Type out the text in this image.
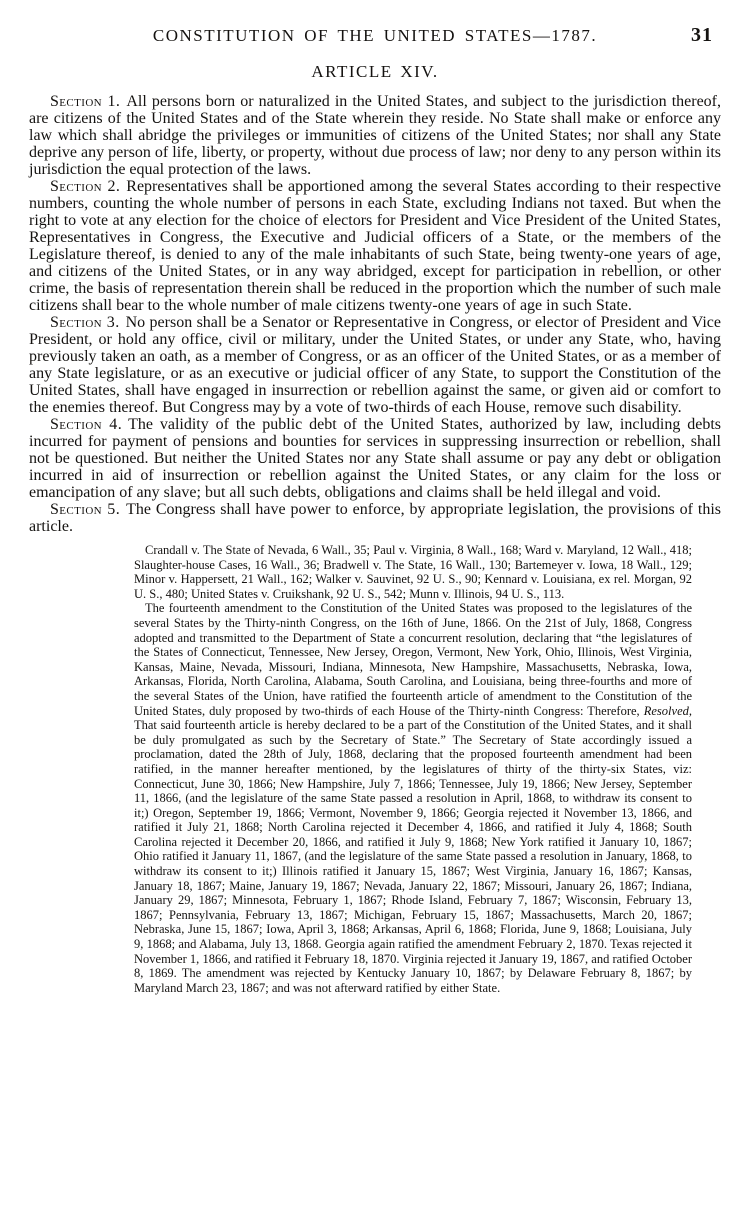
CONSTITUTION OF THE UNITED STATES—1787.	31
ARTICLE XIV.

Section 1. All persons born or naturalized in the United States, and subject to the jurisdiction thereof, are citizens of the United States and of the State wherein they reside. No State shall make or enforce any law which shall abridge the privileges or immunities of citizens of the United States; nor shall any State deprive any person of life, liberty, or property, without due process of law; nor deny to any person within its jurisdiction the equal protection of the laws.

Section 2. Representatives shall be apportioned among the several States according to their respective numbers, counting the whole number of persons in each State, excluding Indians not taxed. But when the right to vote at any election for the choice of electors for President and Vice President of the United States, Representatives in Congress, the Executive and Judicial officers of a State, or the members of the Legislature thereof, is denied to any of the male inhabitants of such State, being twenty-one years of age, and citizens of the United States, or in any way abridged, except for participation in rebellion, or other crime, the basis of representation therein shall be reduced in the proportion which the number of such male citizens shall bear to the whole number of male citizens twenty-one years of age in such State.

Section 3. No person shall be a Senator or Representative in Congress, or elector of President and Vice President, or hold any office, civil or military, under the United States, or under any State, who, having previously taken an oath, as a member of Congress, or as an officer of the United States, or as a member of any State legislature, or as an executive or judicial officer of any State, to support the Constitution of the United States, shall have engaged in insurrection or rebellion against the same, or given aid or comfort to the enemies thereof. But Congress may by a vote of two-thirds of each House, remove such disability.

Section 4. The validity of the public debt of the United States, authorized by law, including debts incurred for payment of pensions and bounties for services in suppressing insurrection or rebellion, shall not be questioned. But neither the United States nor any State shall assume or pay any debt or obligation incurred in aid of insurrection or rebellion against the United States, or any claim for the loss or emancipation of any slave; but all such debts, obligations and claims shall be held illegal and void.

Section 5. The Congress shall have power to enforce, by appropriate legislation, the provisions of this article.

Crandall v. The State of Nevada, 6 Wall., 35; Paul v. Virginia, 8 Wall., 168; Ward v. Maryland, 12 Wall., 418; Slaughter-house Cases, 16 Wall., 36; Bradwell v. The State, 16 Wall., 130; Bartemeyer v. Iowa, 18 Wall., 129; Minor v. Happersett, 21 Wall., 162; Walker v. Sauvinet, 92 U. S., 90; Kennard v. Louisiana, ex rel. Morgan, 92 U. S., 480; United States v. Cruikshank, 92 U. S., 542; Munn v. Illinois, 94 U. S., 113.

The fourteenth amendment to the Constitution of the United States was proposed to the legislatures of the several States by the Thirty-ninth Congress, on the 16th of June, 1866. On the 21st of July, 1868, Congress adopted and transmitted to the Department of State a concurrent resolution, declaring that “the legislatures of the States of Connecticut, Tennessee, New Jersey, Oregon, Vermont, New York, Ohio, Illinois, West Virginia, Kansas, Maine, Nevada, Missouri, Indiana, Minnesota, New Hampshire, Massachusetts, Nebraska, Iowa, Arkansas, Florida, North Carolina, Alabama, South Carolina, and Louisiana, being three-fourths and more of the several States of the Union, have ratified the fourteenth article of amendment to the Constitution of the United States, duly proposed by two-thirds of each House of the Thirty-ninth Congress: Therefore, Resolved, That said fourteenth article is hereby declared to be a part of the Constitution of the United States, and it shall be duly promulgated as such by the Secretary of State.” The Secretary of State accordingly issued a proclamation, dated the 28th of July, 1868, declaring that the proposed fourteenth amendment had been ratified, in the manner hereafter mentioned, by the legislatures of thirty of the thirty-six States, viz: Connecticut, June 30, 1866; New Hampshire, July 7, 1866; Tennessee, July 19, 1866; New Jersey, September 11, 1866, (and the legislature of the same State passed a resolution in April, 1868, to withdraw its consent to it;) Oregon, September 19, 1866; Vermont, November 9, 1866; Georgia rejected it November 13, 1866, and ratified it July 21, 1868; North Carolina rejected it December 4, 1866, and ratified it July 4, 1868; South Carolina rejected it December 20, 1866, and ratified it July 9, 1868; New York ratified it January 10, 1867; Ohio ratified it January 11, 1867, (and the legislature of the same State passed a resolution in January, 1868, to withdraw its consent to it;) Illinois ratified it January 15, 1867; West Virginia, January 16, 1867; Kansas, January 18, 1867; Maine, January 19, 1867; Nevada, January 22, 1867; Missouri, January 26, 1867; Indiana, January 29, 1867; Minnesota, February 1, 1867; Rhode Island, February 7, 1867; Wisconsin, February 13, 1867; Pennsylvania, February 13, 1867; Michigan, February 15, 1867; Massachusetts, March 20, 1867; Nebraska, June 15, 1867; Iowa, April 3, 1868; Arkansas, April 6, 1868; Florida, June 9, 1868; Louisiana, July 9, 1868; and Alabama, July 13, 1868. Georgia again ratified the amendment February 2, 1870. Texas rejected it November 1, 1866, and ratified it February 18, 1870. Virginia rejected it January 19, 1867, and ratified October 8, 1869. The amendment was rejected by Kentucky January 10, 1867; by Delaware February 8, 1867; by Maryland March 23, 1867; and was not afterward ratified by either State.
